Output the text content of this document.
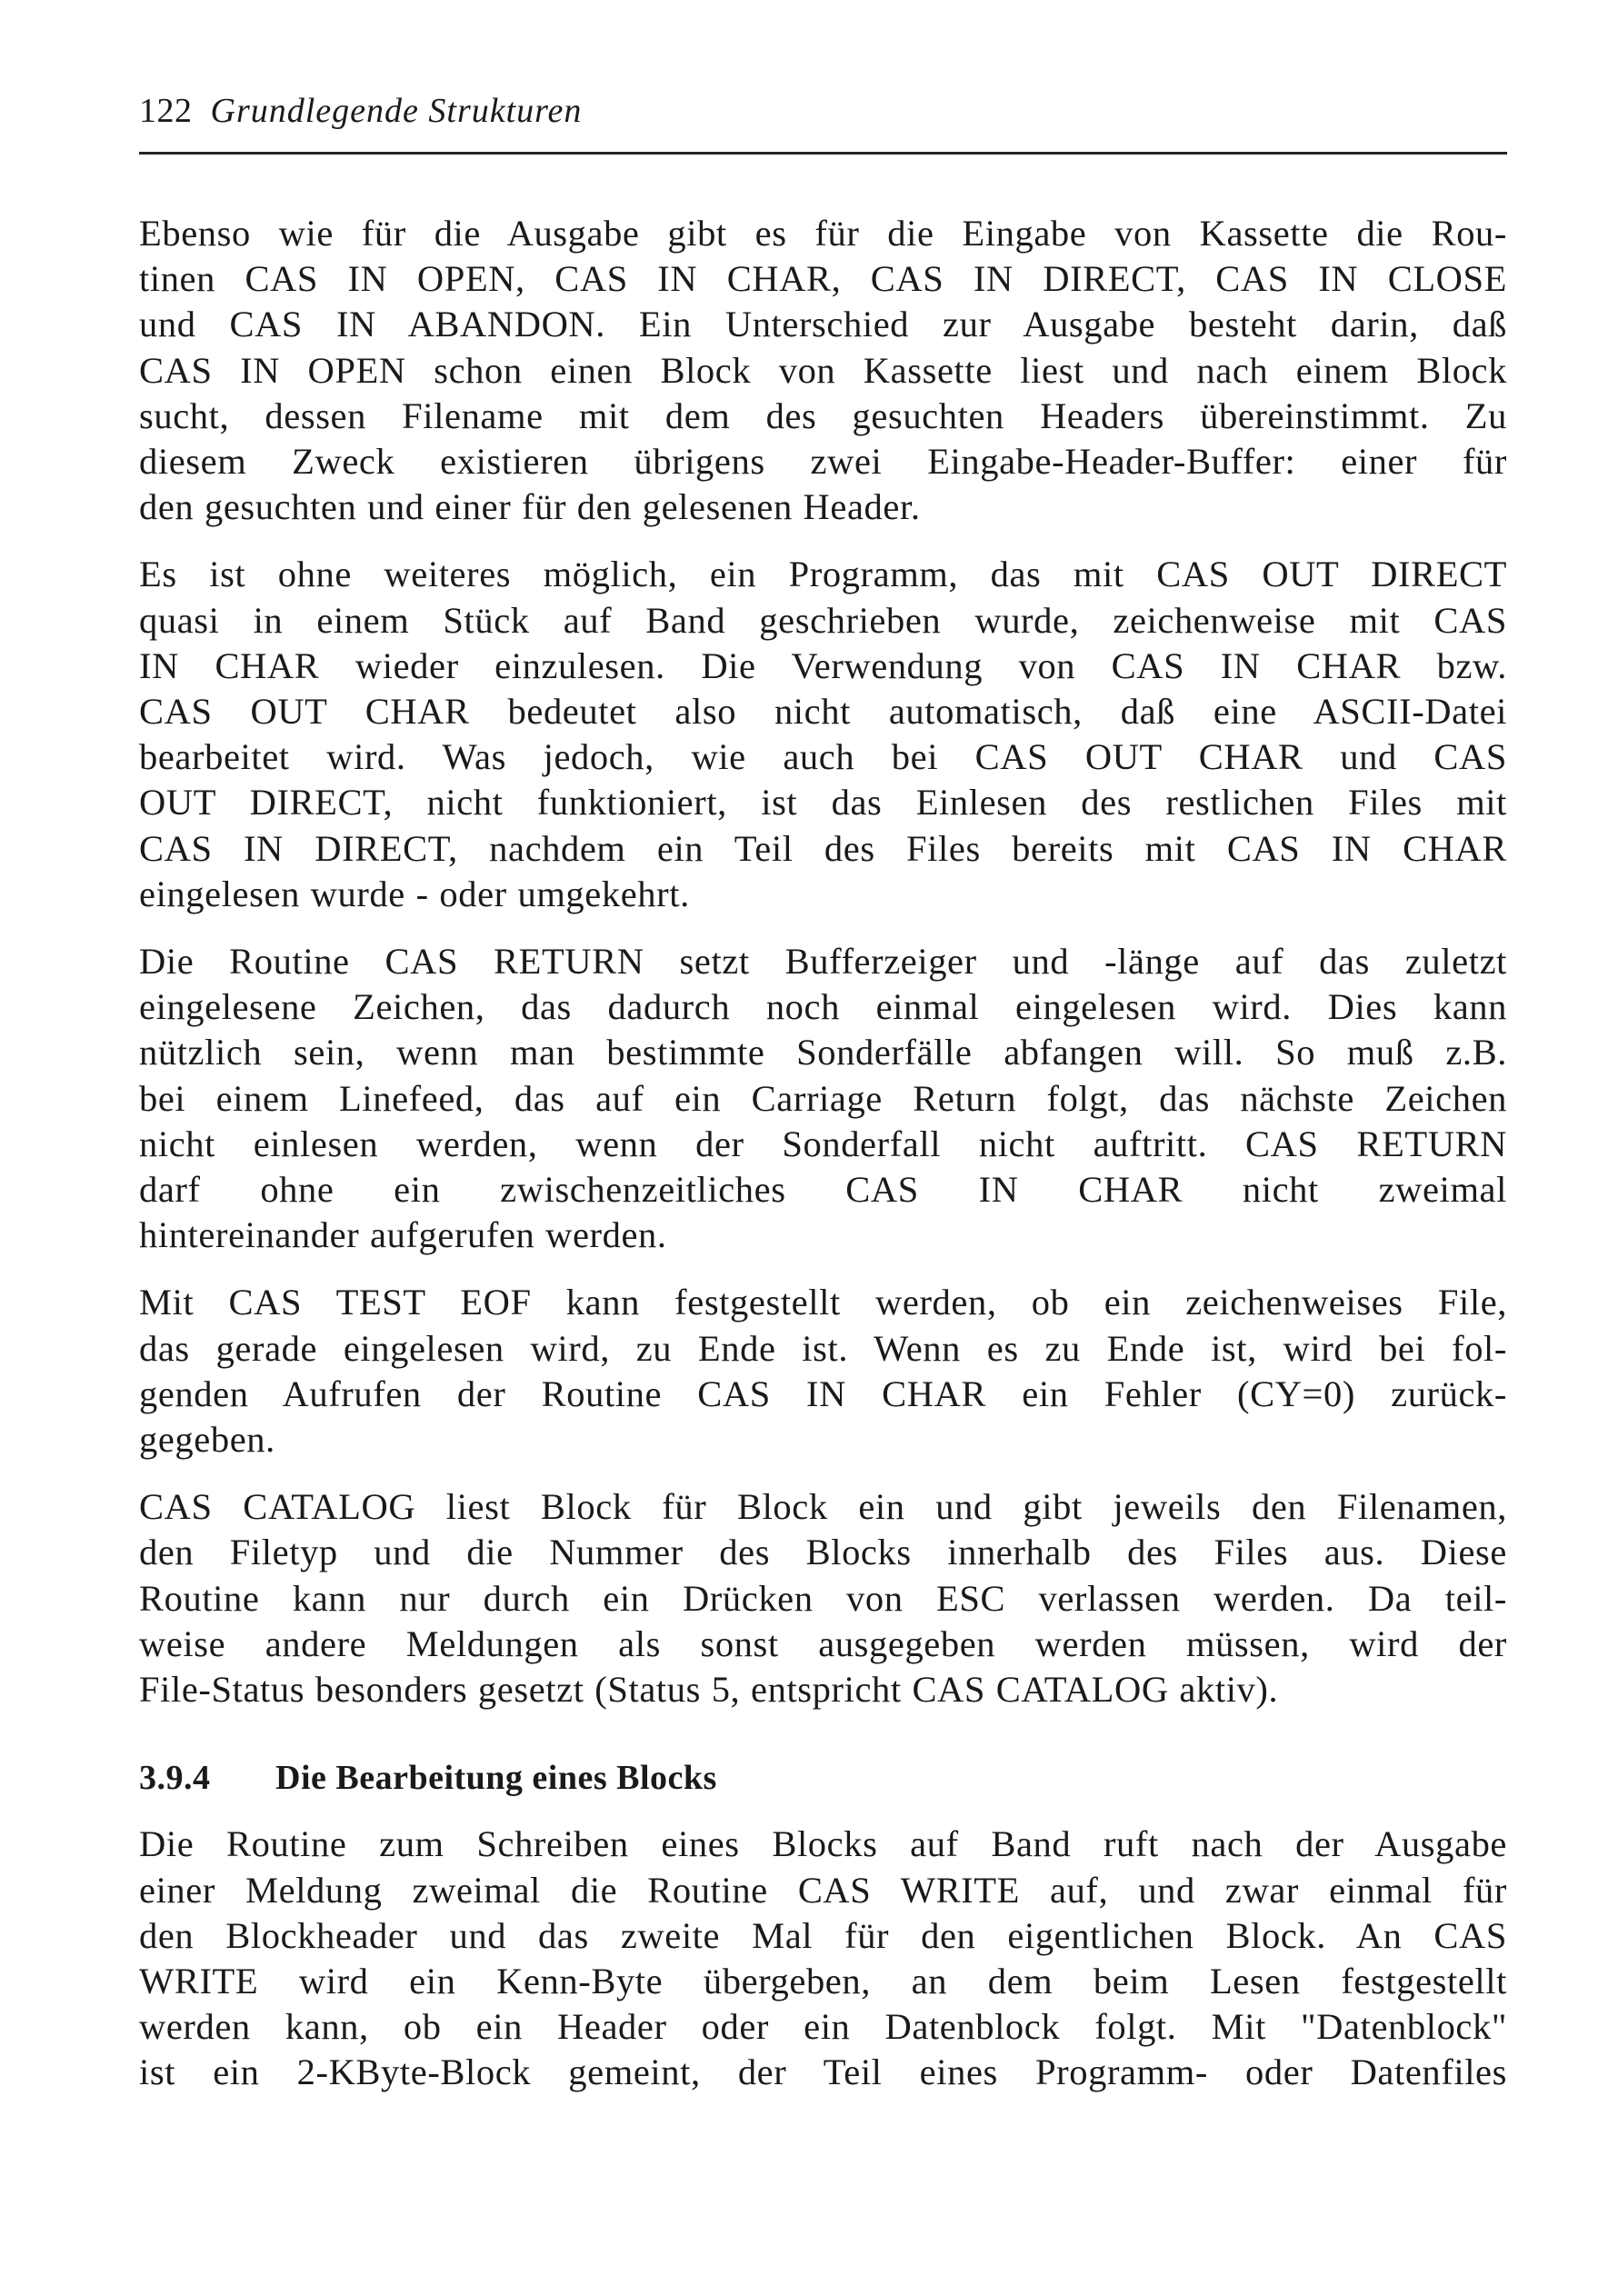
122 Grundlegende Strukturen
Ebenso wie für die Ausgabe gibt es für die Eingabe von Kassette die Rou-
tinen CAS IN OPEN, CAS IN CHAR, CAS IN DIRECT, CAS IN CLOSE
und CAS IN ABANDON. Ein Unterschied zur Ausgabe besteht darin, daß
CAS IN OPEN schon einen Block von Kassette liest und nach einem Block
sucht, dessen Filename mit dem des gesuchten Headers übereinstimmt. Zu
diesem Zweck existieren übrigens zwei Eingabe-Header-Buffer: einer für
den gesuchten und einer für den gelesenen Header.
Es ist ohne weiteres möglich, ein Programm, das mit CAS OUT DIRECT
quasi in einem Stück auf Band geschrieben wurde, zeichenweise mit CAS
IN CHAR wieder einzulesen. Die Verwendung von CAS IN CHAR bzw.
CAS OUT CHAR bedeutet also nicht automatisch, daß eine ASCII-Datei
bearbeitet wird. Was jedoch, wie auch bei CAS OUT CHAR und CAS
OUT DIRECT, nicht funktioniert, ist das Einlesen des restlichen Files mit
CAS IN DIRECT, nachdem ein Teil des Files bereits mit CAS IN CHAR
eingelesen wurde - oder umgekehrt.
Die Routine CAS RETURN setzt Bufferzeiger und -länge auf das zuletzt
eingelesene Zeichen, das dadurch noch einmal eingelesen wird. Dies kann
nützlich sein, wenn man bestimmte Sonderfälle abfangen will. So muß z.B.
bei einem Linefeed, das auf ein Carriage Return folgt, das nächste Zeichen
nicht einlesen werden, wenn der Sonderfall nicht auftritt. CAS RETURN
darf ohne ein zwischenzeitliches CAS IN CHAR nicht zweimal
hintereinander aufgerufen werden.
Mit CAS TEST EOF kann festgestellt werden, ob ein zeichenweises File,
das gerade eingelesen wird, zu Ende ist. Wenn es zu Ende ist, wird bei fol-
genden Aufrufen der Routine CAS IN CHAR ein Fehler (CY=0) zurück-
gegeben.
CAS CATALOG liest Block für Block ein und gibt jeweils den Filenamen,
den Filetyp und die Nummer des Blocks innerhalb des Files aus. Diese
Routine kann nur durch ein Drücken von ESC verlassen werden. Da teil-
weise andere Meldungen als sonst ausgegeben werden müssen, wird der
File-Status besonders gesetzt (Status 5, entspricht CAS CATALOG aktiv).
3.9.4 Die Bearbeitung eines Blocks
Die Routine zum Schreiben eines Blocks auf Band ruft nach der Ausgabe
einer Meldung zweimal die Routine CAS WRITE auf, und zwar einmal für
den Blockheader und das zweite Mal für den eigentlichen Block. An CAS
WRITE wird ein Kenn-Byte übergeben, an dem beim Lesen festgestellt
werden kann, ob ein Header oder ein Datenblock folgt. Mit "Datenblock"
ist ein 2-KByte-Block gemeint, der Teil eines Programm- oder Datenfiles
